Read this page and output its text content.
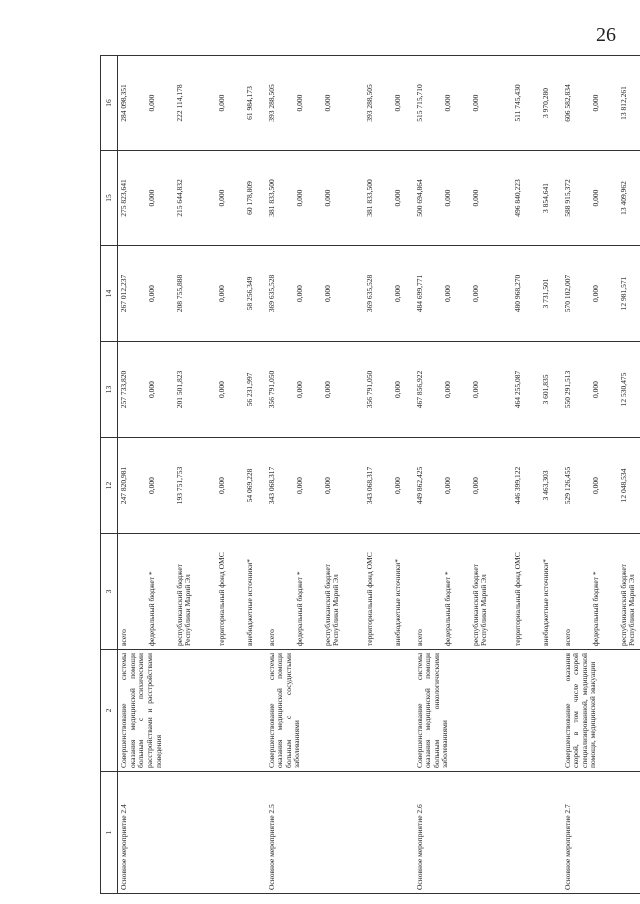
26
1	2	3	12	13	14	15	16
Основное мероприятие 2.4	Совершенствование системы оказания медицинской помощи больным с психическими расстройствами и расстройствами поведения	всего	247 820,981	257 733,820	267 012,237	275 823,641	284 098,351
		федеральный бюджет *	0,000	0,000	0,000	0,000	0,000
		республиканский бюджет Республики Марий Эл	193 751,753	201 501,823	208 755,888	215 644,832	222 114,178
		территориальный фонд ОМС	0,000	0,000	0,000	0,000	0,000
		внебюджетные источники*	54 069,228	56 231,997	58 256,349	60 178,809	61 984,173
Основное мероприятие 2.5	Совершенствование системы оказания медицинской помощи больным с сосудистыми заболеваниями	всего	343 068,317	356 791,050	369 635,528	381 833,500	393 288,505
		федеральный бюджет *	0,000	0,000	0,000	0,000	0,000
		республиканский бюджет Республики Марий Эл	0,000	0,000	0,000	0,000	0,000
		территориальный фонд ОМС	343 068,317	356 791,050	369 635,528	381 833,500	393 288,505
		внебюджетные источники*	0,000	0,000	0,000	0,000	0,000
Основное мероприятие 2.6	Совершенствование системы оказания медицинской помощи больным онкологическими заболеваниями	всего	449 862,425	467 856,922	484 699,771	500 694,864	515 715,710
		федеральный бюджет *	0,000	0,000	0,000	0,000	0,000
		республиканский бюджет Республики Марий Эл	0,000	0,000	0,000	0,000	0,000
		территориальный фонд ОМС	446 399,122	464 255,087	480 968,270	496 840,223	511 745,430
		внебюджетные источники*	3 463,303	3 601,835	3 731,501	3 854,641	3 970,280
Основное мероприятие 2.7	Совершенствование оказания скорой, в том числе скорой специализированной, медицинской помощи, медицинской эвакуации	всего	529 126,455	550 291,513	570 102,007	588 915,372	606 582,834
		федеральный бюджет *	0,000	0,000	0,000	0,000	0,000
		республиканский бюджет Республики Марий Эл	12 048,534	12 530,475	12 981,571	13 409,962	13 812,261
